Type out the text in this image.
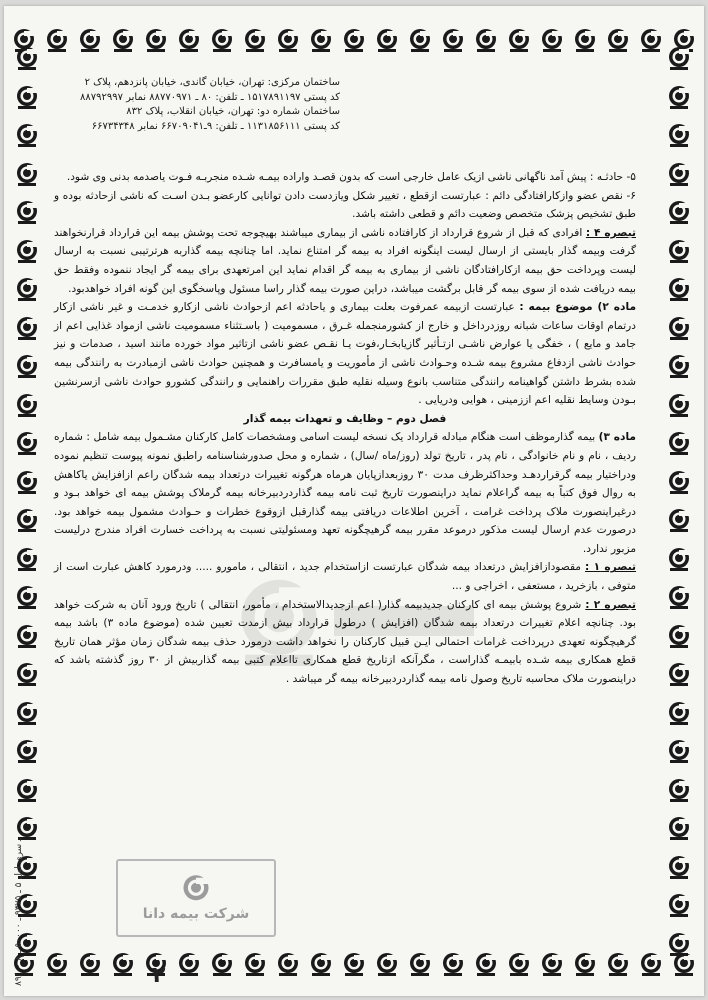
ساختمان مرکزی: تهران، خیابان گاندی، خیابان پانزدهم، پلاک ۲
کد پستی ۱۵۱۷۸۹۱۱۹۷ ـ تلفن: ۸۰ ـ ۸۸۷۷۰۹۷۱ نمابر ۸۸۷۹۲۹۹۷
ساختمان شماره دو: تهران، خیابان انقلاب، پلاک ۸۳۲
کد پستی ۱۱۳۱۸۵۶۱۱۱ ـ تلفن: ۹ـ۶۶۷۰۹۰۴۱ نمابر ۶۶۷۳۴۳۴۸

۵- حادثـه : پیش آمد ناگهانی ناشی ازیک عامل خارجی است که بدون قصـد واراده بیمـه شـده منجربـه فـوت یاصدمه بدنی وی شود.

۶- نقص عضو وازکارافتادگی دائم : عبارتست ازقطع ، تغییر شکل ویازدست دادن توانایی کارعضو بـدن اسـت که ناشی ازحادثه بوده و طبق تشخیص پزشک متخصص وضعیت دائم و قطعی داشته باشد.

تبصره ۴ : افرادی که قبل از شروع قرارداد از کارافتاده ناشی از بیماری میباشند بهیچوجه تحت پوشش بیمه این قرارداد قرارنخواهند گرفت وبیمه گذار بایستی از ارسال لیست اینگونه افراد به بیمه گر امتناع نماید. اما چنانچه بیمه گذاربه هرترتیبی نسبت به ارسال لیست وپرداخت حق بیمه ازکارافتادگان ناشی از بیماری به بیمه گر اقدام نماید این امرتعهدی برای بیمه گر ایجاد ننموده وفقط حق بیمه دریافت شده از سوی بیمه گر قابل برگشت میباشد، دراین صورت بیمه گذار راسا مسئول وپاسخگوی این گونه افراد خواهدبود.

ماده ۲) موضوع بیمه : عبارتست ازبیمه عمرفوت بعلت بیماری و یاحادثه اعم ازحوادث ناشی ازکارو خدمـت و غیر ناشی ازکار درتمام اوقات ساعات شبانه روزدرداخل و خارج از کشورمنجمله غـرق ، مسمومیت ( باسـتثناء مسمومیت ناشی ازمواد غذایی اعم از جامد و مایع ) ، خفگی یا عوارض ناشـی ازتـأثیر گازیابخـار،فوت یـا نقـص عضو ناشی ازتاثیر مواد خورده مانند اسید ، صدمات و نیز حوادث ناشی ازدفاع مشروع بیمه شـده وحـوادث ناشی از مأموریت و یامسافرت و همچنین حوادث ناشی ازمبادرت به رانندگی بیمه شده بشرط داشتن گواهینامه رانندگی متناسب بانوع وسیله نقلیه طبق مقررات راهنمایی و رانندگی کشورو حوادث ناشی ازسرنشین بـودن وسایط نقلیه اعم اززمینی ، هوایی ودریایی .

فصل دوم – وظایف و تعهدات بیمه گذار

ماده ۳) بیمه گذارموظف است هنگام مبادله قرارداد یک نسخه لیست اسامی ومشخصات کامل کارکنان مشـمول بیمه شامل : شماره ردیف ، نام و نام خانوادگی ، نام پدر ، تاریخ تولد (روز/ماه /سال) ، شماره و محل صدورشناسنامه راطبق نمونه پیوست تنظیم نموده ودراختیار بیمه گرقراردهـد وحداکثرظرف مدت ۳۰ روزبعدازپایان هرماه هرگونه تغییرات درتعداد بیمه شدگان راعم ازافزایش یاکاهش به روال فوق کتباً به بیمه گراعلام نماید دراینصورت تاریخ ثبت نامه بیمه گذاردردبیرخانه بیمه گرملاک پوشش بیمه ای خواهد بـود و درغیراینصورت ملاک پرداخت غرامت ، آخرین اطلاعات دریافتی بیمه گذارقبل ازوقوع خطرات و حـوادث مشمول بیمه خواهد بود. درصورت عدم ارسال لیست مذکور درموعد مقرر بیمه گرهیچگونه تعهد ومسئولیتی نسبت به پرداخت خسارت افراد مندرج درلیست مزبور ندارد.

تبصره ۱ : مقصودازافزایش درتعداد بیمه شدگان عبارتست ازاستخدام جدید ، انتقالی ، مامورو ..... ودرمورد کاهش عبارت است از متوفی ، بازخرید ، مستعفی ، اخراجی و ...

تبصره ۲ : شروع پوشش بیمه ای کارکنان جدیدبیمه گذار( اعم ازجدیدالاستخدام ، مأمور، انتقالی ) تاریخ ورود آنان به شرکت خواهد بود. چنانچه اعلام تغییرات درتعداد بیمه شدگان (افزایش ) درطول قرارداد بیش ازمدت تعیین شده (موضوع ماده ۳) باشد بیمه گرهیچگونه تعهدی درپرداخت غرامات احتمالی ایـن قبیل کارکنان را نخواهد داشت درمورد حذف بیمه شدگان زمان مؤثر همان تاریخ قطع همکاری بیمه شـده بابیمـه گذاراست ، مگرآنکه ازتاریخ قطع همکاری تااعلام کتبی بیمه گذاربیش از ۳۰ روز گذشته باشد که دراینصورت ملاک محاسبه تاریخ وصول نامه بیمه گذاردردبیرخانه بیمه گر میباشد .

۸۹/۰۰ ـ سری اول ۵ ـ ۹۳۷۵ ـ ۵۰۰۰۰ ـ ۸
شرکت بیمه دانا
۲
